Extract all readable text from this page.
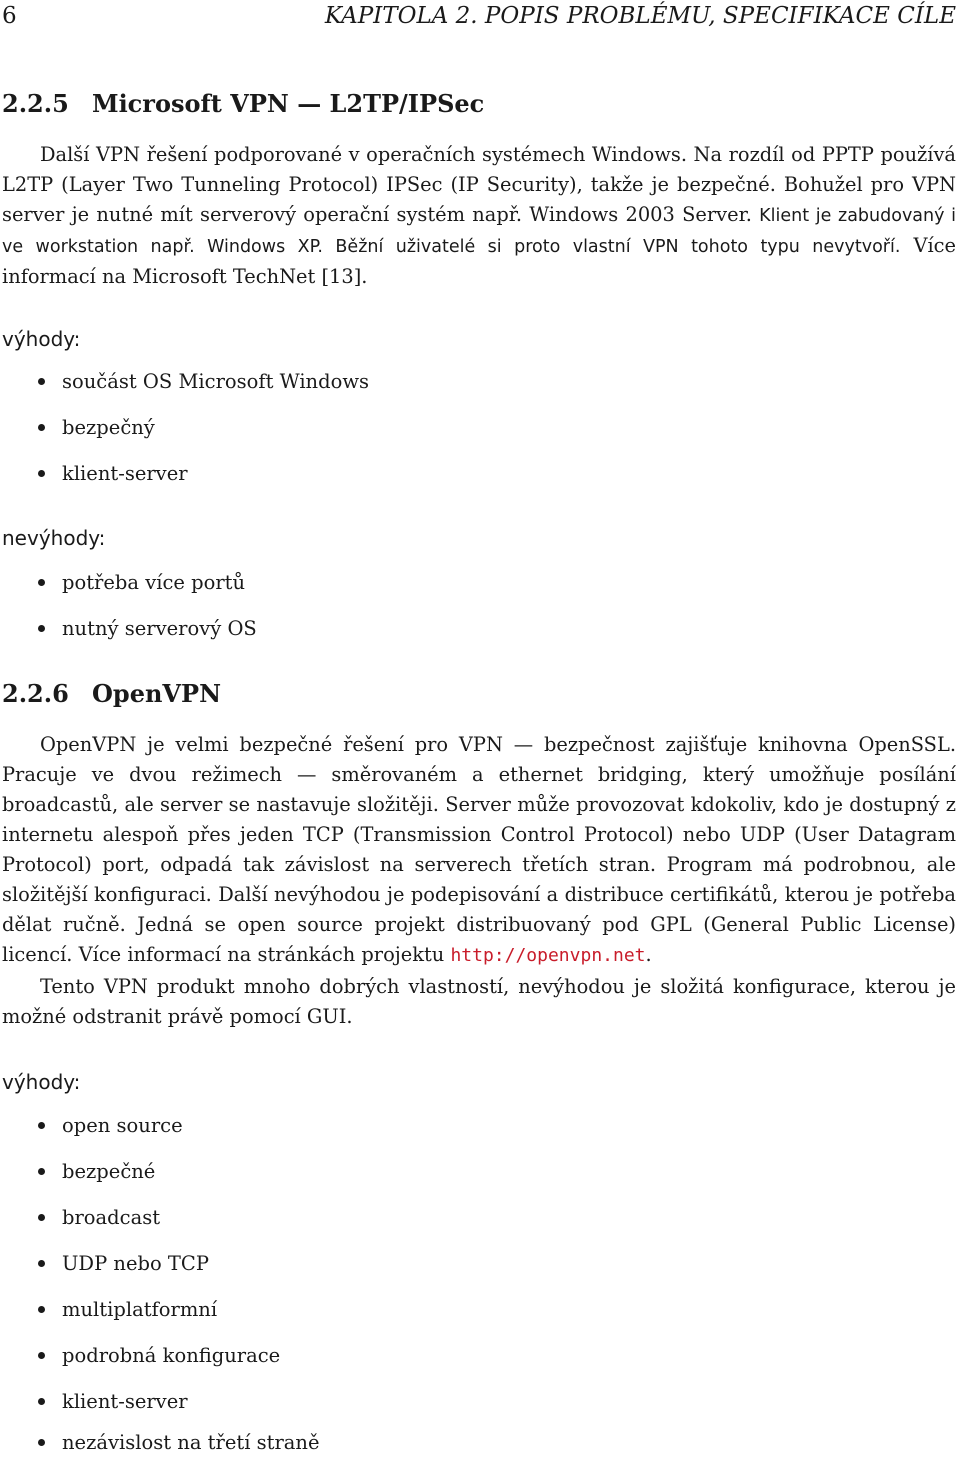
6	KAPITOLA 2. POPIS PROBLÉMU, SPECIFIKACE CÍLE
2.2.5 Microsoft VPN — L2TP/IPSec

Další VPN řešení podporované v operačních systémech Windows. Na rozdíl od PPTP používá L2TP (Layer Two Tunneling Protocol) IPSec (IP Security), takže je bezpečné. Bohužel pro VPN server je nutné mít serverový operační systém např. Windows 2003 Server. Klient je zabudovaný i ve workstation např. Windows XP. Běžní uživatelé si proto vlastní VPN tohoto typu nevytvoří. Více informací na Microsoft TechNet [13].

výhody:
součást OS Microsoft Windows
bezpečný
klient-server
nevýhody:
potřeba více portů
nutný serverový OS
2.2.6 OpenVPN

OpenVPN je velmi bezpečné řešení pro VPN — bezpečnost zajišťuje knihovna OpenSSL. Pracuje ve dvou režimech — směrovaném a ethernet bridging, který umožňuje posílání broadcastů, ale server se nastavuje složitěji. Server může provozovat kdokoliv, kdo je dostupný z internetu alespoň přes jeden TCP (Transmission Control Protocol) nebo UDP (User Datagram Protocol) port, odpadá tak závislost na serverech třetích stran. Program má podrobnou, ale složitější konfiguraci. Další nevýhodou je podepisování a distribuce certifikátů, kterou je potřeba dělat ručně. Jedná se open source projekt distribuovaný pod GPL (General Public License) licencí. Více informací na stránkách projektu http://openvpn.net.

Tento VPN produkt mnoho dobrých vlastností, nevýhodou je složitá konfigurace, kterou je možné odstranit právě pomocí GUI.

výhody:
open source
bezpečné
broadcast
UDP nebo TCP
multiplatformní
podrobná konfigurace
klient-server
nezávislost na třetí straně
